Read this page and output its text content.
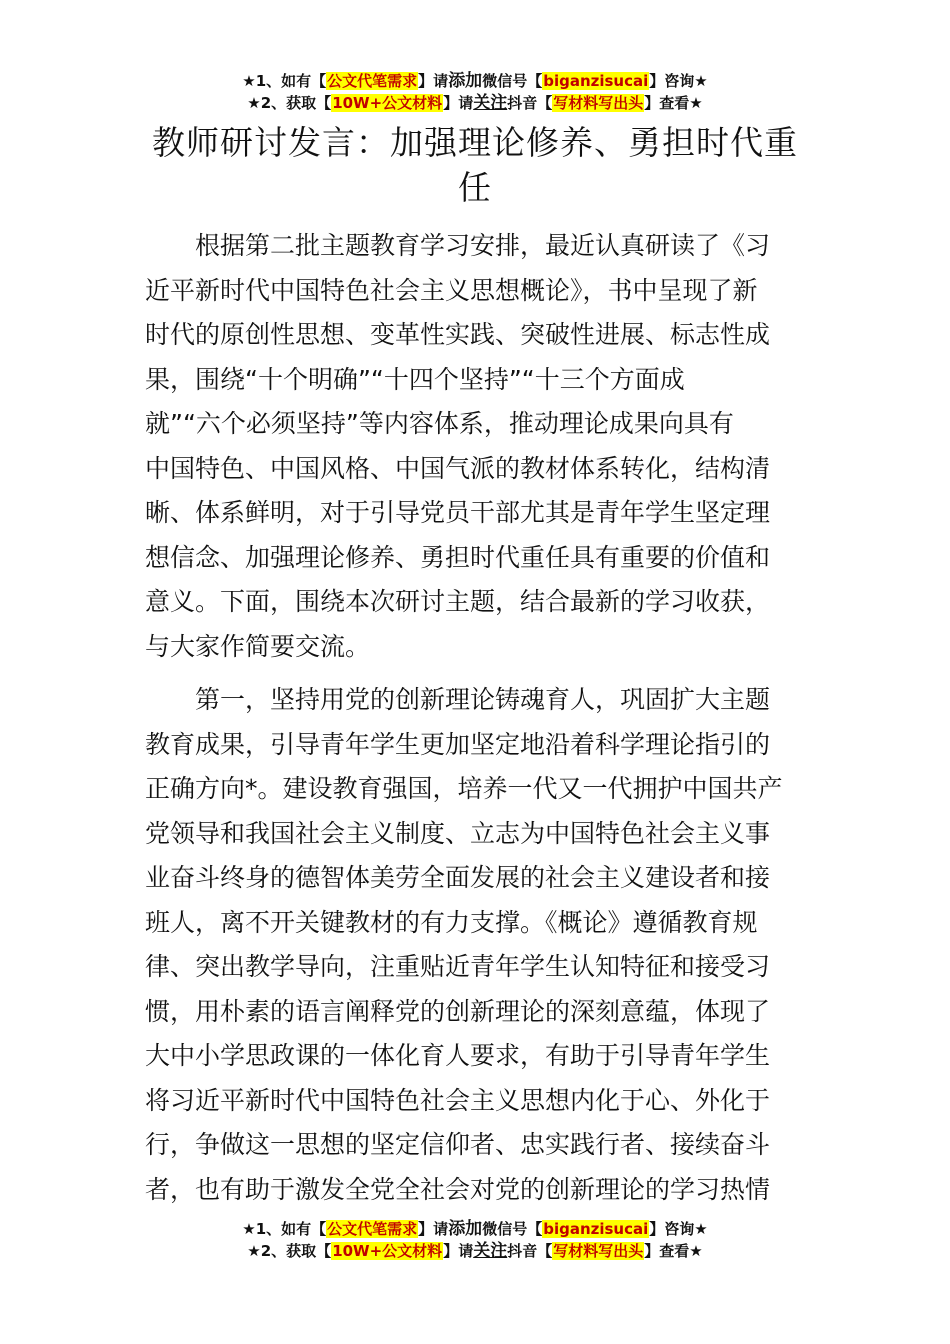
★1、如有【公文代笔需求】请添加微信号【biganzisucai】咨询★
★2、获取【10W+公文材料】请关注抖音【写材料写出头】查看★
教师研讨发言：加强理论修养、勇担时代重
任
　　根据第二批主题教育学习安排，最近认真研读了《习
近平新时代中国特色社会主义思想概论》，书中呈现了新
时代的原创性思想、变革性实践、突破性进展、标志性成
果，围绕“十个明确”“十四个坚持”“十三个方面成
就”“六个必须坚持”等内容体系，推动理论成果向具有
中国特色、中国风格、中国气派的教材体系转化，结构清
晰、体系鲜明，对于引导党员干部尤其是青年学生坚定理
想信念、加强理论修养、勇担时代重任具有重要的价值和
意义。下面，围绕本次研讨主题，结合最新的学习收获，
与大家作简要交流。
　　第一，坚持用党的创新理论铸魂育人，巩固扩大主题
教育成果，引导青年学生更加坚定地沿着科学理论指引的
正确方向*。建设教育强国，培养一代又一代拥护中国共产
党领导和我国社会主义制度、立志为中国特色社会主义事
业奋斗终身的德智体美劳全面发展的社会主义建设者和接
班人，离不开关键教材的有力支撑。《概论》遵循教育规
律、突出教学导向，注重贴近青年学生认知特征和接受习
惯，用朴素的语言阐释党的创新理论的深刻意蕴，体现了
大中小学思政课的一体化育人要求，有助于引导青年学生
将习近平新时代中国特色社会主义思想内化于心、外化于
行，争做这一思想的坚定信仰者、忠实践行者、接续奋斗
者，也有助于激发全党全社会对党的创新理论的学习热情
★1、如有【公文代笔需求】请添加微信号【biganzisucai】咨询★
★2、获取【10W+公文材料】请关注抖音【写材料写出头】查看★
